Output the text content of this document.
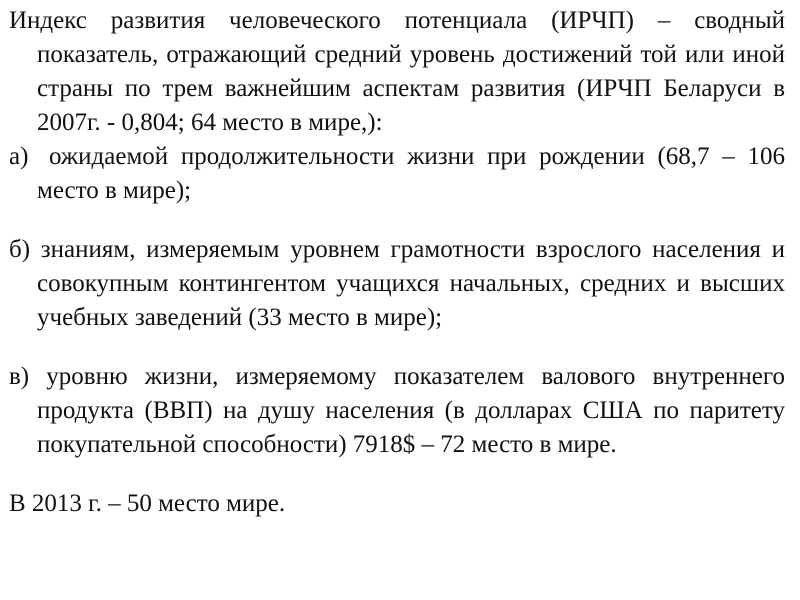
Индекс развития человеческого потенциала (ИРЧП) – сводный показатель, отражающий средний уровень достижений той или иной страны по трем важнейшим аспектам развития (ИРЧП Беларуси в 2007г. - 0,804; 64 место в мире,):

а) ожидаемой продолжительности жизни при рождении (68,7 – 106 место в мире);

б) знаниям, измеряемым уровнем грамотности взрослого населения и совокупным контингентом учащихся начальных, средних и высших учебных заведений (33 место в мире);

в) уровню жизни, измеряемому показателем валового внутреннего продукта (ВВП) на душу населения (в долларах США по паритету покупательной способности) 7918$ – 72 место в мире.

В 2013 г. – 50 место мире.
